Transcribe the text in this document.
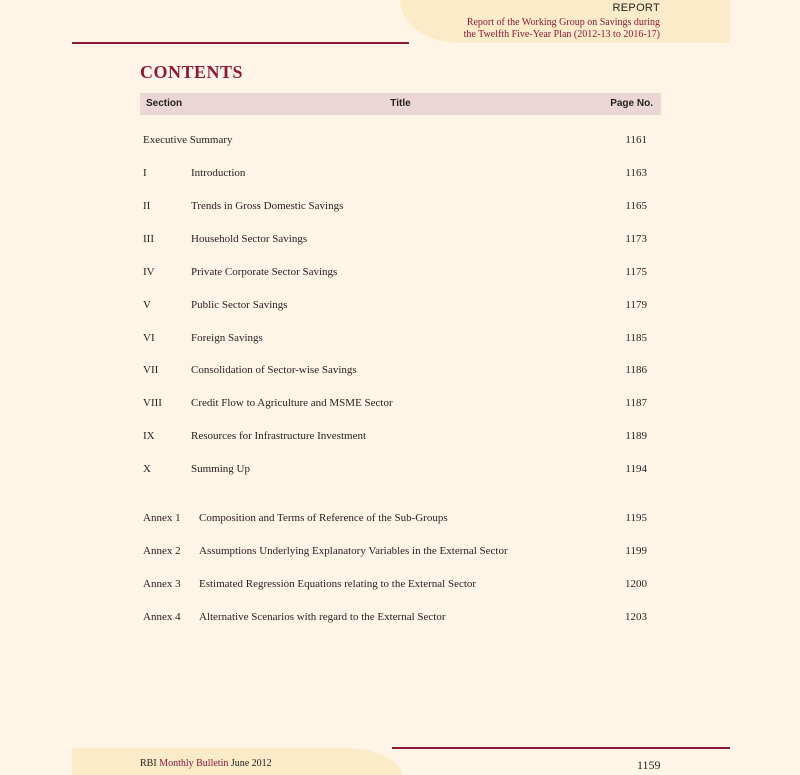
REPORT
Report of the Working Group on Savings during
the Twelfth Five-Year Plan (2012-13 to 2016-17)
CONTENTS
Section	Title	Page No.
Executive Summary	1161
I	Introduction	1163
II	Trends in Gross Domestic Savings	1165
III	Household Sector Savings	1173
IV	Private Corporate Sector Savings	1175
V	Public Sector Savings	1179
VI	Foreign Savings	1185
VII	Consolidation of Sector-wise Savings	1186
VIII	Credit Flow to Agriculture and MSME Sector	1187
IX	Resources for Infrastructure Investment	1189
X	Summing Up	1194
Annex 1 Composition and Terms of Reference of the Sub-Groups	1195
Annex 2 Assumptions Underlying Explanatory Variables in the External Sector	1199
Annex 3 Estimated Regression Equations relating to the External Sector	1200
Annex 4 Alternative Scenarios with regard to the External Sector	1203
RBI Monthly Bulletin June 2012	1159
